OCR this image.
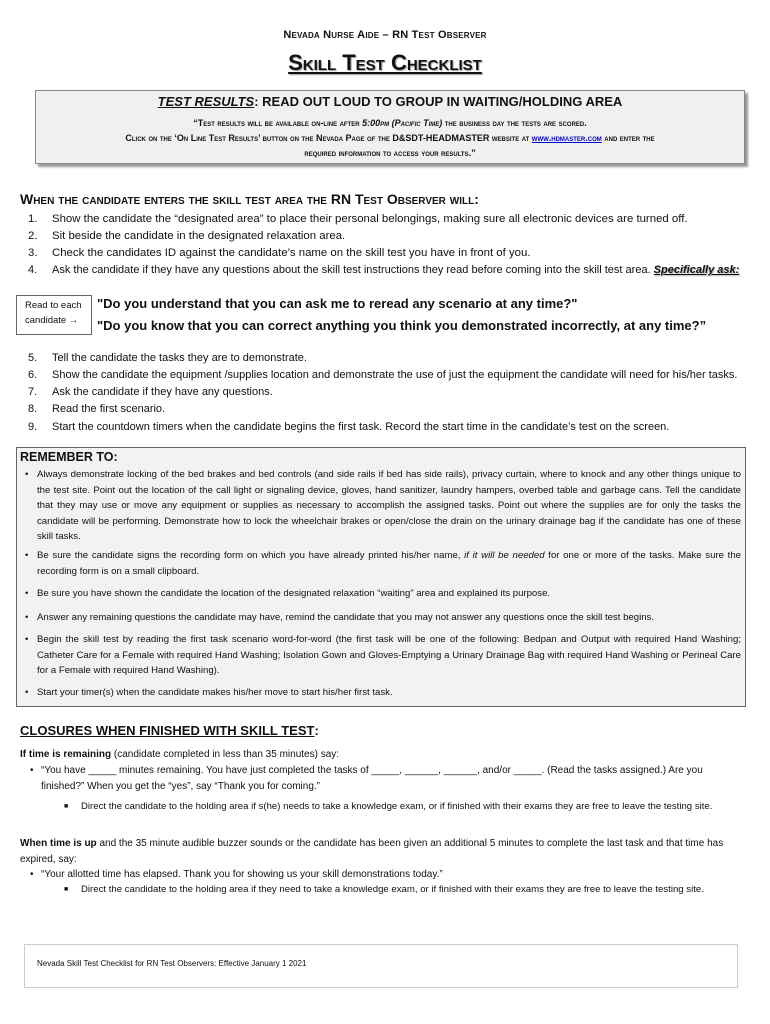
Nevada Nurse Aide – RN Test Observer
Skill Test Checklist
TEST RESULTS: READ OUT LOUD TO GROUP IN WAITING/HOLDING AREA
“Test results will be available on-line after 5:00pm (Pacific Time) the business day the tests are scored.
Click on the ‘On Line Test Results’ button on the Nevada Page of the D&SDT-HEADMASTER website at www.hdmaster.com and enter the
required information to access your results.”
When the candidate enters the skill test area the RN Test Observer will:
1. Show the candidate the “designated area” to place their personal belongings, making sure all electronic devices are turned off.
2. Sit beside the candidate in the designated relaxation area.
3. Check the candidates ID against the candidate’s name on the skill test you have in front of you.
4. Ask the candidate if they have any questions about the skill test instructions they read before coming into the skill test area. Specifically ask:
Read to each
candidate →
"Do you understand that you can ask me to reread any scenario at any time?"
"Do you know that you can correct anything you think you demonstrated incorrectly, at any time?”
5. Tell the candidate the tasks they are to demonstrate.
6. Show the candidate the equipment /supplies location and demonstrate the use of just the equipment the candidate will need for his/her tasks.
7. Ask the candidate if they have any questions.
8. Read the first scenario.
9. Start the countdown timers when the candidate begins the first task. Record the start time in the candidate’s test on the screen.
REMEMBER TO:
• Always demonstrate locking of the bed brakes and bed controls (and side rails if bed has side rails), privacy curtain, where to knock and any other things unique to the test site. Point out the location of the call light or signaling device, gloves, hand sanitizer, laundry hampers, overbed table and garbage cans. Tell the candidate that they may use or move any equipment or supplies as necessary to accomplish the assigned tasks. Point out where the supplies are for only the tasks the candidate will be performing. Demonstrate how to lock the wheelchair brakes or open/close the drain on the urinary drainage bag if the candidate has one of these skill tasks.
• Be sure the candidate signs the recording form on which you have already printed his/her name, if it will be needed for one or more of the tasks. Make sure the recording form is on a small clipboard.
• Be sure you have shown the candidate the location of the designated relaxation “waiting” area and explained its purpose.
• Answer any remaining questions the candidate may have, remind the candidate that you may not answer any questions once the skill test begins.
• Begin the skill test by reading the first task scenario word-for-word (the first task will be one of the following: Bedpan and Output with required Hand Washing; Catheter Care for a Female with required Hand Washing; Isolation Gown and Gloves-Emptying a Urinary Drainage Bag with required Hand Washing or Perineal Care for a Female with required Hand Washing).
• Start your timer(s) when the candidate makes his/her move to start his/her first task.
CLOSURES WHEN FINISHED WITH SKILL TEST:
If time is remaining (candidate completed in less than 35 minutes) say:
• “You have _____ minutes remaining. You have just completed the tasks of _____, ______, ______, and/or _____. (Read the tasks assigned.) Are you finished?” When you get the “yes”, say “Thank you for coming.”
■ Direct the candidate to the holding area if s(he) needs to take a knowledge exam, or if finished with their exams they are free to leave the testing site.
When time is up and the 35 minute audible buzzer sounds or the candidate has been given an additional 5 minutes to complete the last task and that time has expired, say:
• “Your allotted time has elapsed. Thank you for showing us your skill demonstrations today.”
■ Direct the candidate to the holding area if they need to take a knowledge exam, or if finished with their exams they are free to leave the testing site.
Nevada Skill Test Checklist for RN Test Observers: Effective January 1 2021
